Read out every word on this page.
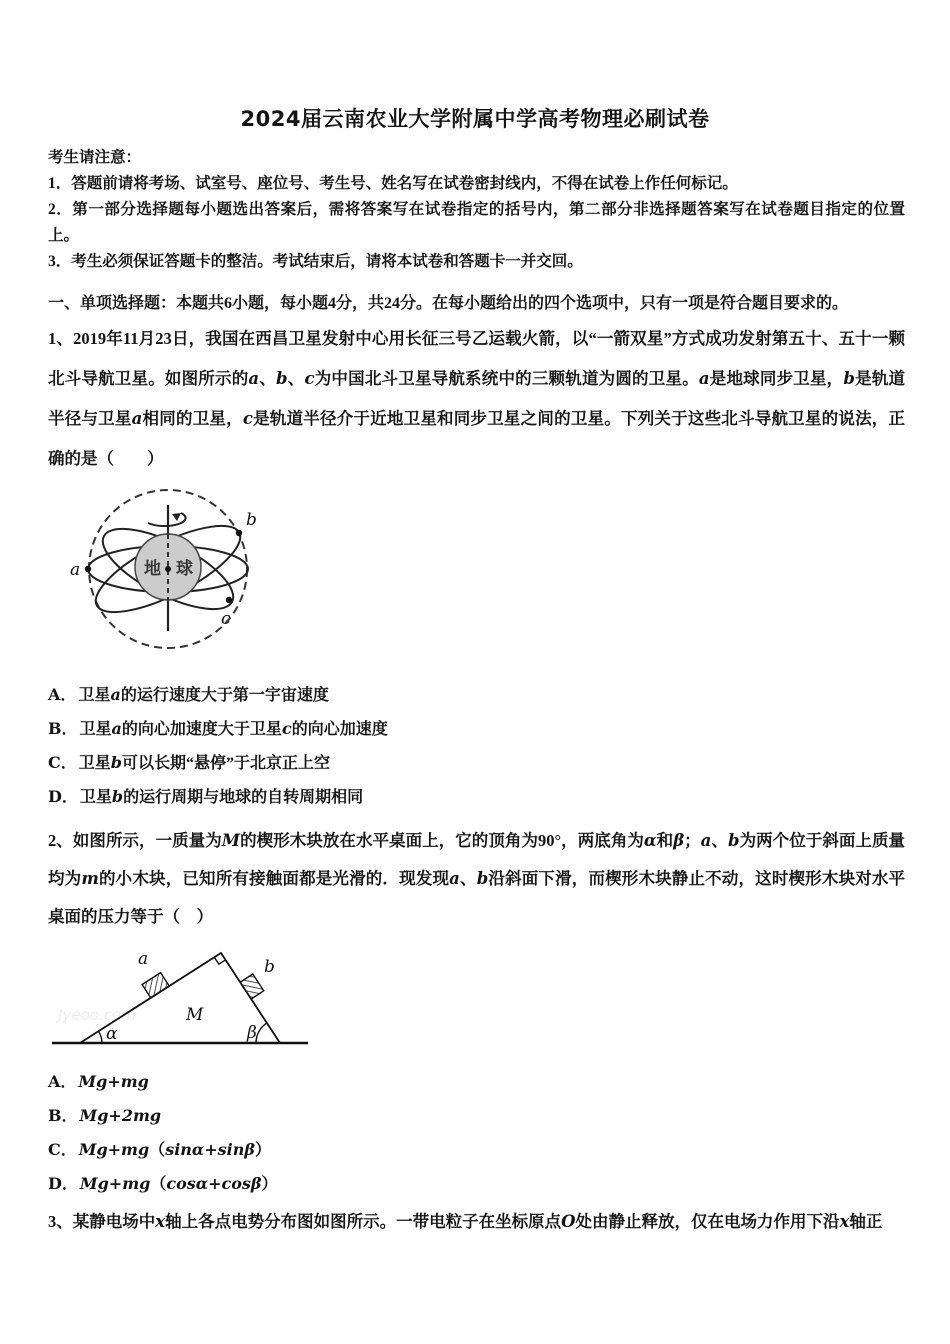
2024届云南农业大学附属中学高考物理必刷试卷
考生请注意：
1．答题前请将考场、试室号、座位号、考生号、姓名写在试卷密封线内，不得在试卷上作任何标记。
2．第一部分选择题每小题选出答案后，需将答案写在试卷指定的括号内，第二部分非选择题答案写在试卷题目指定的位置上。
3．考生必须保证答题卡的整洁。考试结束后，请将本试卷和答题卡一并交回。
一、单项选择题：本题共6小题，每小题4分，共24分。在每小题给出的四个选项中，只有一项是符合题目要求的。
1、2019年11月23日，我国在西昌卫星发射中心用长征三号乙运载火箭，以“一箭双星”方式成功发射第五十、五十一颗北斗导航卫星。如图所示的a、b、c为中国北斗卫星导航系统中的三颗轨道为圆的卫星。a是地球同步卫星，b是轨道半径与卫星a相同的卫星，c是轨道半径介于近地卫星和同步卫星之间的卫星。下列关于这些北斗导航卫星的说法，正确的是（　　）
地球
a
b
c
A． 卫星a的运行速度大于第一宇宙速度
B． 卫星a的向心加速度大于卫星c的向心加速度
C． 卫星b可以长期“悬停”于北京正上空
D． 卫星b的运行周期与地球的自转周期相同
2、如图所示，一质量为M的楔形木块放在水平桌面上，它的顶角为90°，两底角为α和β；a、b为两个位于斜面上质量均为m的小木块，已知所有接触面都是光滑的．现发现a、b沿斜面下滑，而楔形木块静止不动，这时楔形木块对水平桌面的压力等于（　）
Jyeoo.com
a	b
M
α	β
A． Mg+mg
B． Mg+2mg
C． Mg+mg（sinα+sinβ）
D． Mg+mg（cosα+cosβ）
3、某静电场中x轴上各点电势分布图如图所示。一带电粒子在坐标原点O处由静止释放，仅在电场力作用下沿x轴正
